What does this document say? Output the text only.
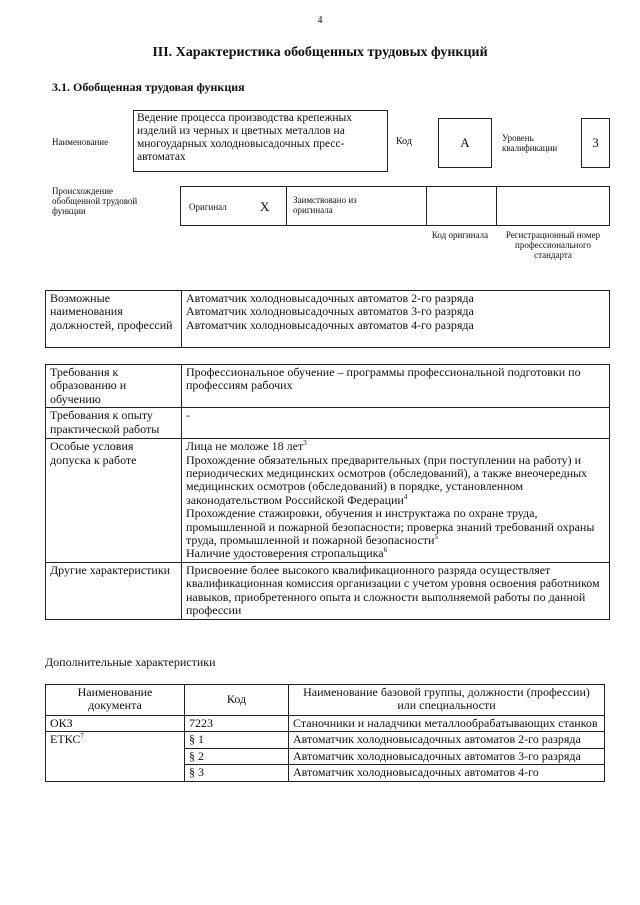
4
III. Характеристика обобщенных трудовых функций
3.1. Обобщенная трудовая функция
Наименование
Ведение процесса производства крепежных изделий из черных и цветных металлов на многоударных холодновысадочных пресс-автоматах
Код	А	Уровень квалификации	3
Происхождение обобщенной трудовой функции	Оригинал	X	Заимствовано из оригинала
Код оригинала	Регистрационный номер профессионального стандарта
Возможные наименования должностей, профессий	
Автоматчик холодновысадочных автоматов 2-го разряда
Автоматчик холодновысадочных автоматов 3-го разряда
Автоматчик холодновысадочных автоматов 4-го разряда
Требования к образованию и обучению	Профессиональное обучение – программы профессиональной подготовки по профессиям рабочих
Требования к опыту практической работы	-
Особые условия допуска к работе	Лица не моложе 18 лет$^3$
Прохождение обязательных предварительных (при поступлении на работу) и периодических медицинских осмотров (обследований), а также внеочередных медицинских осмотров (обследований) в порядке, установленном законодательством Российской Федерации$^4$
Прохождение стажировки, обучения и инструктажа по охране труда, промышленной и пожарной безопасности; проверка знаний требований охраны труда, промышленной и пожарной безопасности$^5$
Наличие удостоверения стропальщика$^6$

Другие характеристики	Присвоение более высокого квалификационного разряда осуществляет квалификационная комиссия организации с учетом уровня освоения работником навыков, приобретенного опыта и сложности выполняемой работы по данной профессии
Дополнительные характеристики
Наименование документа	Код	Наименование базовой группы, должности (профессии) или специальности
ОКЗ	7223	Станочники и наладчики металлообрабатывающих станков
ЕТКС$^7$	§ 1	Автоматчик холодновысадочных автоматов 2-го разряда
	§ 2	Автоматчик холодновысадочных автоматов 3-го разряда
	§ 3	Автоматчик холодновысадочных автоматов 4-го
